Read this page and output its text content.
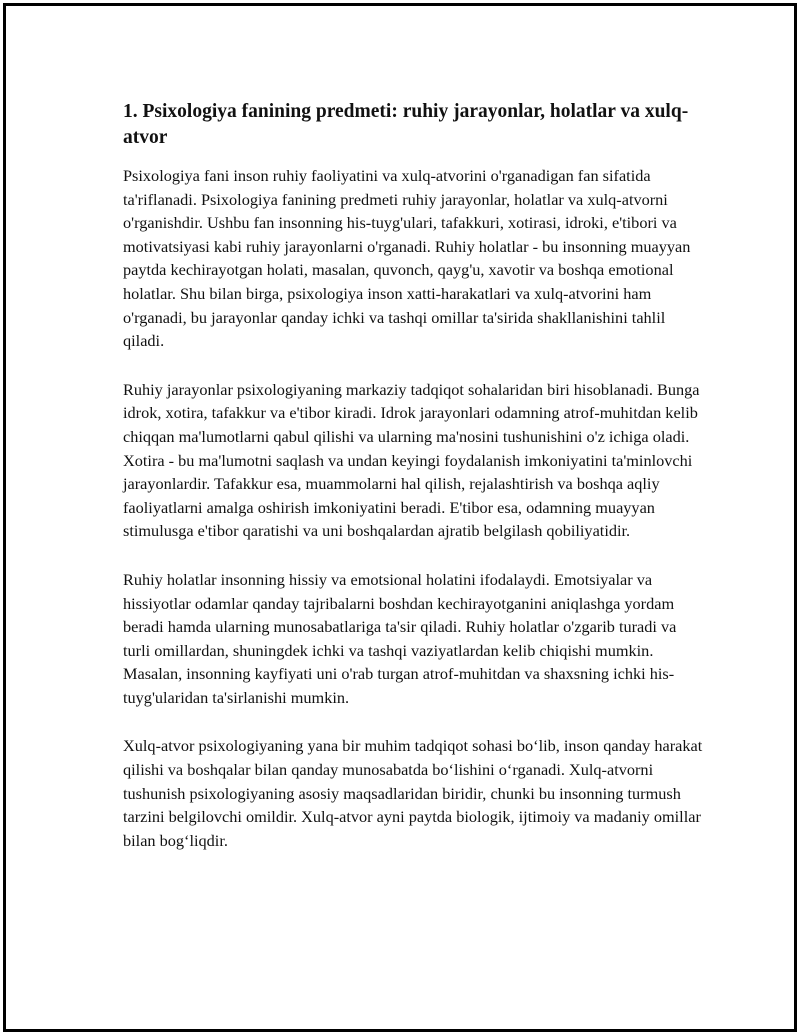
1. Psixologiya fanining predmeti: ruhiy jarayonlar, holatlar va xulq-atvor

Psixologiya fani inson ruhiy faoliyatini va xulq-atvorini o'rganadigan fan sifatida ta'riflanadi. Psixologiya fanining predmeti ruhiy jarayonlar, holatlar va xulq-atvorni o'rganishdir. Ushbu fan insonning his-tuyg'ulari, tafakkuri, xotirasi, idroki, e'tibori va motivatsiyasi kabi ruhiy jarayonlarni o'rganadi. Ruhiy holatlar - bu insonning muayyan paytda kechirayotgan holati, masalan, quvonch, qayg'u, xavotir va boshqa emotional holatlar. Shu bilan birga, psixologiya inson xatti-harakatlari va xulq-atvorini ham o'rganadi, bu jarayonlar qanday ichki va tashqi omillar ta'sirida shakllanishini tahlil qiladi.

Ruhiy jarayonlar psixologiyaning markaziy tadqiqot sohalaridan biri hisoblanadi. Bunga idrok, xotira, tafakkur va e'tibor kiradi. Idrok jarayonlari odamning atrof-muhitdan kelib chiqqan ma'lumotlarni qabul qilishi va ularning ma'nosini tushunishini o'z ichiga oladi. Xotira - bu ma'lumotni saqlash va undan keyingi foydalanish imkoniyatini ta'minlovchi jarayonlardir. Tafakkur esa, muammolarni hal qilish, rejalashtirish va boshqa aqliy faoliyatlarni amalga oshirish imkoniyatini beradi. E'tibor esa, odamning muayyan stimulusga e'tibor qaratishi va uni boshqalardan ajratib belgilash qobiliyatidir.

Ruhiy holatlar insonning hissiy va emotsional holatini ifodalaydi. Emotsiyalar va hissiyotlar odamlar qanday tajribalarni boshdan kechirayotganini aniqlashga yordam beradi hamda ularning munosabatlariga ta'sir qiladi. Ruhiy holatlar o'zgarib turadi va turli omillardan, shuningdek ichki va tashqi vaziyatlardan kelib chiqishi mumkin. Masalan, insonning kayfiyati uni o'rab turgan atrof-muhitdan va shaxsning ichki his-tuyg'ularidan ta'sirlanishi mumkin.

Xulq-atvor psixologiyaning yana bir muhim tadqiqot sohasi bo‘lib, inson qanday harakat qilishi va boshqalar bilan qanday munosabatda bo‘lishini o‘rganadi. Xulq-atvorni tushunish psixologiyaning asosiy maqsadlaridan biridir, chunki bu insonning turmush tarzini belgilovchi omildir. Xulq-atvor ayni paytda biologik, ijtimoiy va madaniy omillar bilan bog‘liqdir.
